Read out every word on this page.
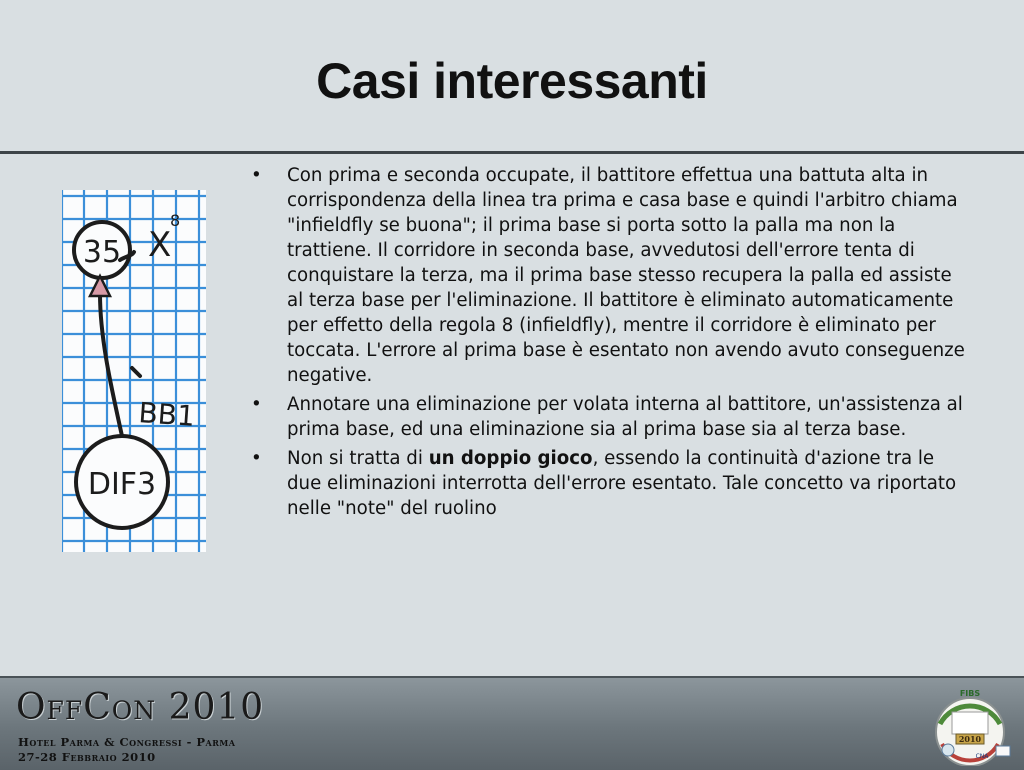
Casi interessanti
35 X
8
BB1
DIF3
• Con prima e seconda occupate, il battitore effettua una battuta alta in corrispondenza della linea tra prima e casa base e quindi l'arbitro chiama "infieldfly se buona"; il prima base si porta sotto la palla ma non la trattiene. Il corridore in seconda base, avvedutosi dell'errore tenta di conquistare la terza, ma il prima base stesso recupera la palla ed assiste al terza base per l'eliminazione. Il battitore è eliminato automaticamente per effetto della regola 8 (infieldfly), mentre il corridore è eliminato per toccata. L'errore al prima base è esentato non avendo avuto conseguenze negative.
• Annotare una eliminazione per volata interna al battitore, un'assistenza al prima base, ed una eliminazione sia al prima base sia al terza base.
• Non si tratta di un doppio gioco, essendo la continuità d'azione tra le due eliminazioni interrotta dell'errore esentato. Tale concetto va riportato nelle "note" del ruolino
OffCon 2010
Hotel Parma & Congressi - Parma
27-28 Febbraio 2010
FIBS
2010
CNA
